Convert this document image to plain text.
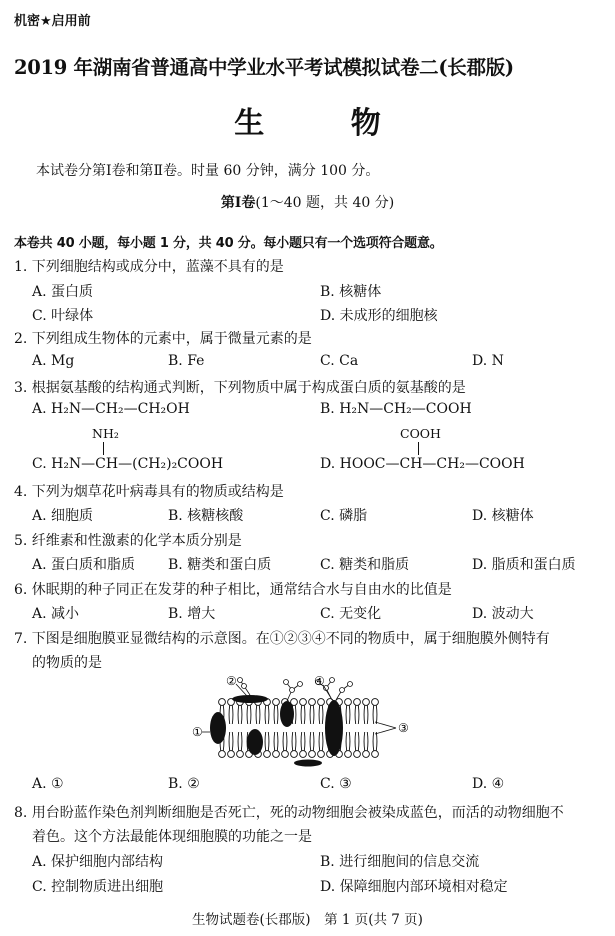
机密★启用前
2019 年湖南省普通高中学业水平考试模拟试卷二(长郡版)
生 物
本试卷分第Ⅰ卷和第Ⅱ卷。时量 60 分钟，满分 100 分。
第Ⅰ卷(1～40 题，共 40 分)
本卷共 40 小题，每小题 1 分，共 40 分。每小题只有一个选项符合题意。
1. 下列细胞结构或成分中，蓝藻不具有的是
A. 蛋白质	B. 核糖体
C. 叶绿体	D. 未成形的细胞核
2. 下列组成生物体的元素中，属于微量元素的是
A. Mg	B. Fe	C. Ca	D. N
3. 根据氨基酸的结构通式判断，下列物质中属于构成蛋白质的氨基酸的是
A. H₂N—CH₂—CH₂OH	B. H₂N—CH₂—COOH
NH₂	COOH
C. H₂N—CH—(CH₂)₂COOH	D. HOOC—CH—CH₂—COOH
4. 下列为烟草花叶病毒具有的物质或结构是
A. 细胞质	B. 核糖核酸	C. 磷脂	D. 核糖体
5. 纤维素和性激素的化学本质分别是
A. 蛋白质和脂质 B. 糖类和蛋白质	C. 糖类和脂质	D. 脂质和蛋白质
6. 休眠期的种子同正在发芽的种子相比，通常结合水与自由水的比值是
A. 减小	B. 增大	C. 无变化	D. 波动大
7. 下图是细胞膜亚显微结构的示意图。在①②③④不同的物质中，属于细胞膜外侧特有
的物质的是
①
②
③
④
A. ①	B. ②	C. ③	D. ④
8. 用台盼蓝作染色剂判断细胞是否死亡，死的动物细胞会被染成蓝色，而活的动物细胞不
着色。这个方法最能体现细胞膜的功能之一是
A. 保护细胞内部结构	B. 进行细胞间的信息交流
C. 控制物质进出细胞	D. 保障细胞内部环境相对稳定
生物试题卷(长郡版)　第 1 页(共 7 页)
